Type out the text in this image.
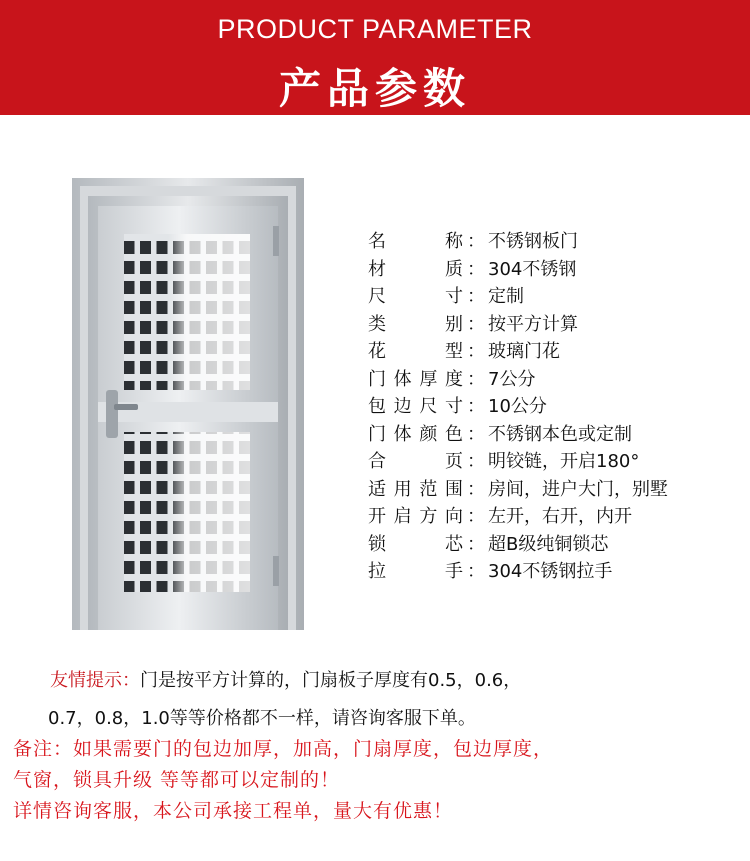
PRODUCT PARAMETER
产品参数
名称 ： 不锈钢板门
材质 ： 304不锈钢
尺寸 ： 定制
类别 ： 按平方计算
花型 ： 玻璃门花
门体厚度 ： 7公分
包边尺寸 ： 10公分
门体颜色 ： 不锈钢本色或定制
合页 ： 明铰链，开启180°
适用范围 ： 房间，进户大门，别墅
开启方向 ： 左开，右开，内开
锁芯 ： 超B级纯铜锁芯
拉手 ： 304不锈钢拉手
友情提示：门是按平方计算的，门扇板子厚度有0.5，0.6，
0.7，0.8，1.0等等价格都不一样，请咨询客服下单。
备注：如果需要门的包边加厚，加高，门扇厚度，包边厚度，
气窗，锁具升级 等等都可以定制的！
详情咨询客服，本公司承接工程单，量大有优惠！
